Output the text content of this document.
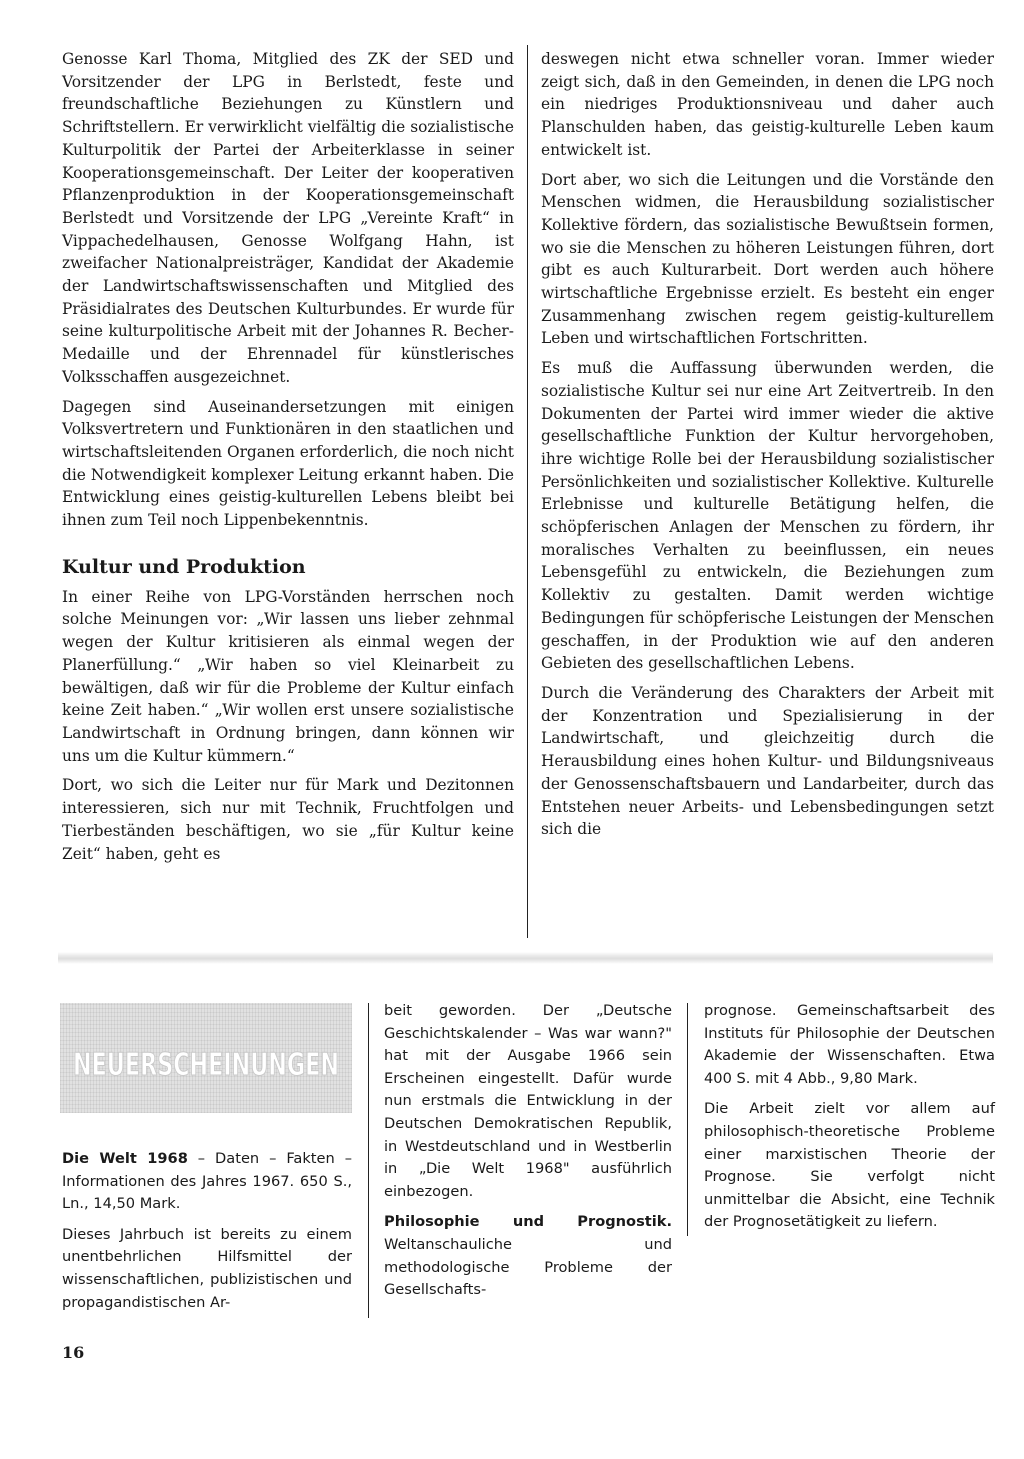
Genosse Karl Thoma, Mitglied des ZK der SED und Vorsitzender der LPG in Berlstedt, feste und freundschaftliche Beziehungen zu Künstlern und Schriftstellern. Er verwirklicht vielfältig die sozialistische Kulturpolitik der Partei der Arbeiterklasse in seiner Kooperationsgemeinschaft. Der Leiter der kooperativen Pflanzenproduktion in der Kooperationsgemeinschaft Berlstedt und Vorsitzende der LPG „Vereinte Kraft“ in Vippachedelhausen, Genosse Wolfgang Hahn, ist zweifacher Nationalpreisträger, Kandidat der Akademie der Landwirtschaftswissenschaften und Mitglied des Präsidialrates des Deutschen Kulturbundes. Er wurde für seine kulturpolitische Arbeit mit der Johannes R. Becher-Medaille und der Ehrennadel für künstlerisches Volksschaffen ausgezeichnet.

Dagegen sind Auseinandersetzungen mit einigen Volksvertretern und Funktionären in den staatlichen und wirtschaftsleitenden Organen erforderlich, die noch nicht die Notwendigkeit komplexer Leitung erkannt haben. Die Entwicklung eines geistig-kulturellen Lebens bleibt bei ihnen zum Teil noch Lippenbekenntnis.

Kultur und Produktion

In einer Reihe von LPG-Vorständen herrschen noch solche Meinungen vor: „Wir lassen uns lieber zehnmal wegen der Kultur kritisieren als einmal wegen der Planerfüllung.“ „Wir haben so viel Kleinarbeit zu bewältigen, daß wir für die Probleme der Kultur einfach keine Zeit haben.“ „Wir wollen erst unsere sozialistische Landwirtschaft in Ordnung bringen, dann können wir uns um die Kultur kümmern.“

Dort, wo sich die Leiter nur für Mark und Dezitonnen interessieren, sich nur mit Technik, Fruchtfolgen und Tierbeständen beschäftigen, wo sie „für Kultur keine Zeit“ haben, geht es

deswegen nicht etwa schneller voran. Immer wieder zeigt sich, daß in den Gemeinden, in denen die LPG noch ein niedriges Produktionsniveau und daher auch Planschulden haben, das geistig-kulturelle Leben kaum entwickelt ist.

Dort aber, wo sich die Leitungen und die Vorstände den Menschen widmen, die Herausbildung sozialistischer Kollektive fördern, das sozialistische Bewußtsein formen, wo sie die Menschen zu höheren Leistungen führen, dort gibt es auch Kulturarbeit. Dort werden auch höhere wirtschaftliche Ergebnisse erzielt. Es besteht ein enger Zusammenhang zwischen regem geistig-kulturellem Leben und wirtschaftlichen Fortschritten.

Es muß die Auffassung überwunden werden, die sozialistische Kultur sei nur eine Art Zeitvertreib. In den Dokumenten der Partei wird immer wieder die aktive gesellschaftliche Funktion der Kultur hervorgehoben, ihre wichtige Rolle bei der Herausbildung sozialistischer Persönlichkeiten und sozialistischer Kollektive. Kulturelle Erlebnisse und kulturelle Betätigung helfen, die schöpferischen Anlagen der Menschen zu fördern, ihr moralisches Verhalten zu beeinflussen, ein neues Lebensgefühl zu entwickeln, die Beziehungen zum Kollektiv zu gestalten. Damit werden wichtige Bedingungen für schöpferische Leistungen der Menschen geschaffen, in der Produktion wie auf den anderen Gebieten des gesellschaftlichen Lebens.

Durch die Veränderung des Charakters der Arbeit mit der Konzentration und Spezialisierung in der Landwirtschaft, und gleichzeitig durch die Herausbildung eines hohen Kultur- und Bildungsniveaus der Genossenschaftsbauern und Landarbeiter, durch das Entstehen neuer Arbeits- und Lebensbedingungen setzt sich die

NEUERSCHEINUNGEN

Die Welt 1968 – Daten – Fakten – Informationen des Jahres 1967. 650 S., Ln., 14,50 Mark.

Dieses Jahrbuch ist bereits zu einem unentbehrlichen Hilfsmittel der wissenschaftlichen, publizistischen und propagandistischen Ar-

beit geworden. Der „Deutsche Geschichtskalender – Was war wann?" hat mit der Ausgabe 1966 sein Erscheinen eingestellt. Dafür wurde nun erstmals die Entwicklung in der Deutschen Demokratischen Republik, in Westdeutschland und in Westberlin in „Die Welt 1968" ausführlich einbezogen.

Philosophie und Prognostik. Weltanschauliche und methodologische Probleme der Gesellschafts-

prognose. Gemeinschaftsarbeit des Instituts für Philosophie der Deutschen Akademie der Wissenschaften. Etwa 400 S. mit 4 Abb., 9,80 Mark.

Die Arbeit zielt vor allem auf philosophisch-theoretische Probleme einer marxistischen Theorie der Prognose. Sie verfolgt nicht unmittelbar die Absicht, eine Technik der Prognosetätigkeit zu liefern.

16
